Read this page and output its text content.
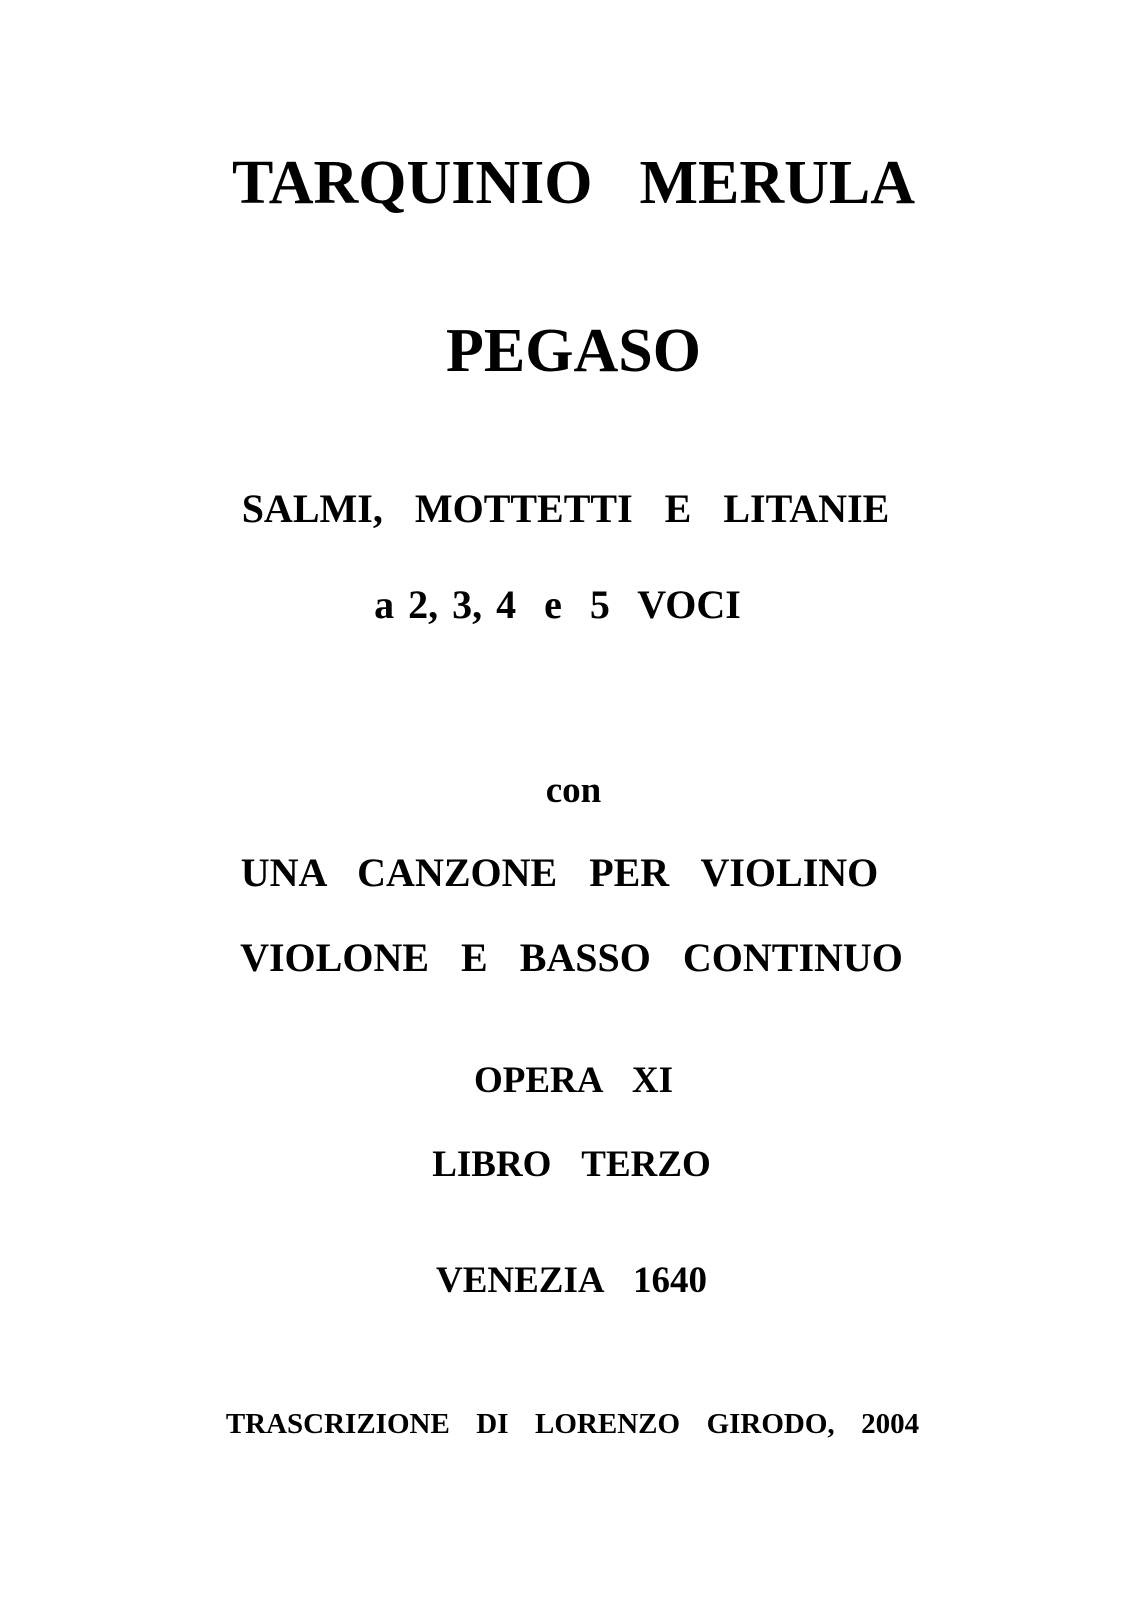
TARQUINIO  MERULA
PEGASO
SALMI,  MOTTETTI  E  LITANIE
a 2, 3, 4  e  5  VOCI
con
UNA  CANZONE  PER  VIOLINO
VIOLONE  E  BASSO  CONTINUO
OPERA  XI
LIBRO  TERZO
VENEZIA  1640
TRASCRIZIONE  DI  LORENZO  GIRODO,  2004
